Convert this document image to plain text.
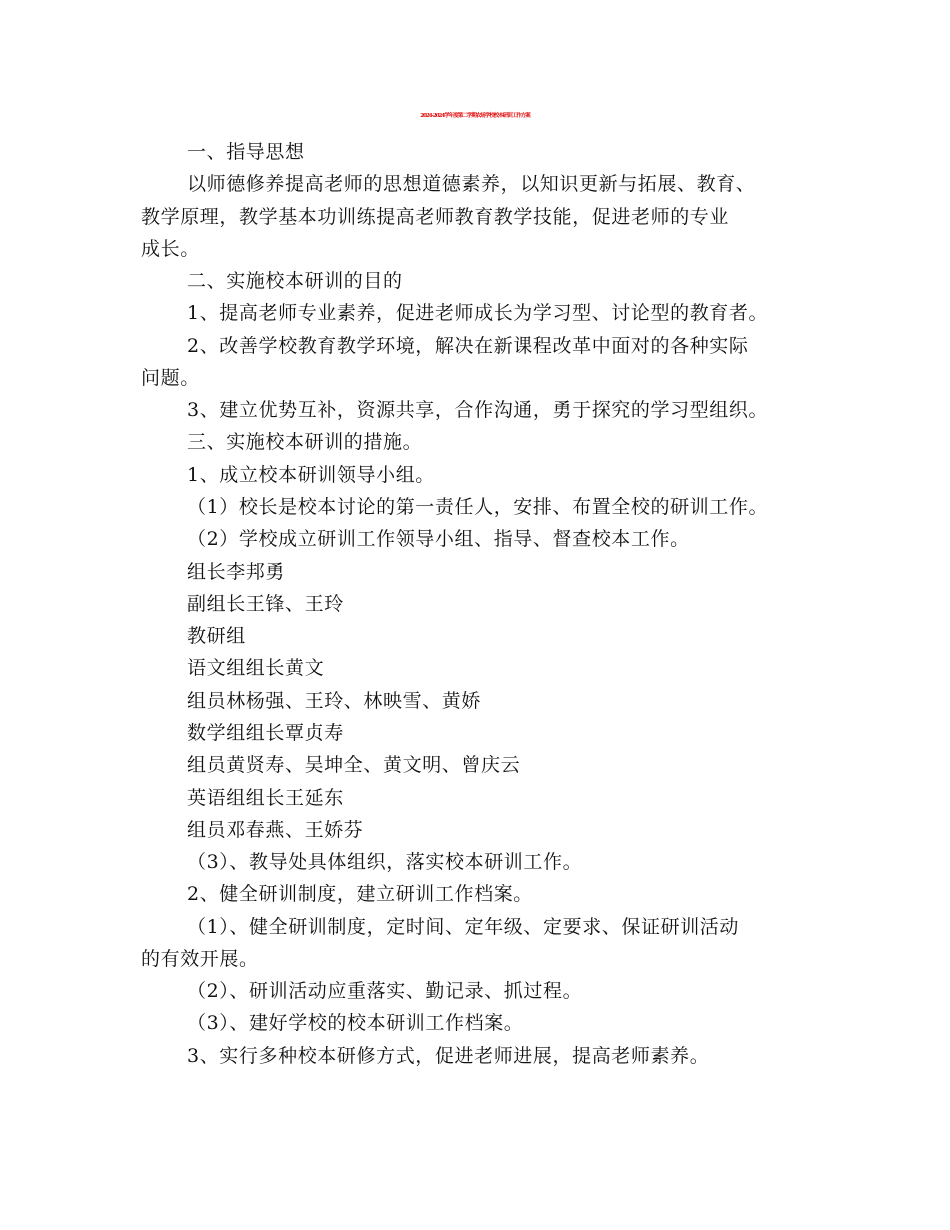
2024-2024学年度第二学期农场学校校本研训工作方案
一、指导思想
以师德修养提高老师的思想道德素养，以知识更新与拓展、教育、
教学原理，教学基本功训练提高老师教育教学技能，促进老师的专业
成长。
二、实施校本研训的目的
1、提高老师专业素养，促进老师成长为学习型、讨论型的教育者。
2、改善学校教育教学环境，解决在新课程改革中面对的各种实际
问题。
3、建立优势互补，资源共享，合作沟通，勇于探究的学习型组织。
三、实施校本研训的措施。
1、成立校本研训领导小组。
（1）校长是校本讨论的第一责任人，安排、布置全校的研训工作。
（2）学校成立研训工作领导小组、指导、督查校本工作。
组长李邦勇
副组长王锋、王玲
教研组
语文组组长黄文
组员林杨强、王玲、林映雪、黄娇
数学组组长覃贞寿
组员黄贤寿、吴坤全、黄文明、曾庆云
英语组组长王延东
组员邓春燕、王娇芬
（3）、教导处具体组织，落实校本研训工作。
2、健全研训制度，建立研训工作档案。
（1）、健全研训制度，定时间、定年级、定要求、保证研训活动
的有效开展。
（2）、研训活动应重落实、勤记录、抓过程。
（3）、建好学校的校本研训工作档案。
3、实行多种校本研修方式，促进老师进展，提高老师素养。
